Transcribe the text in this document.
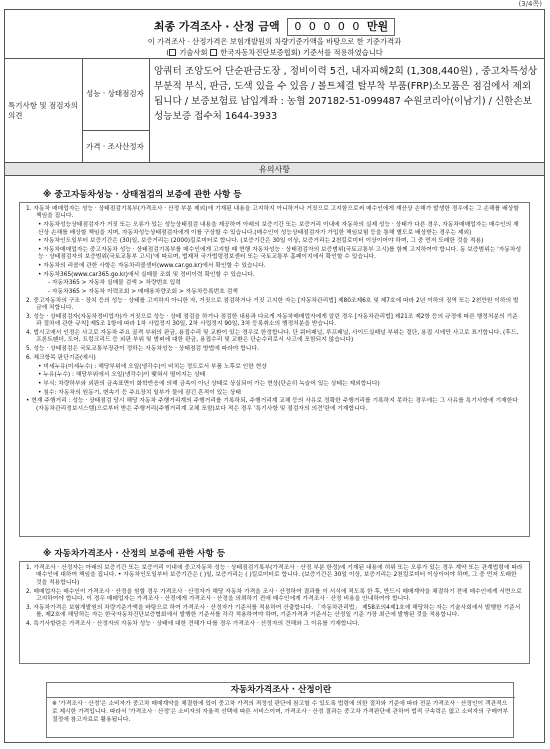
(3/4쪽)
최종 가격조사 · 산정 금액 0 0 0 0 0 만원
이 가격조사 · 산정가격은 보험개발원의 차량기준가액을 바탕으로 한 기준가격과
( 기술사회 한국자동차진단보증협회) 기준서를 적용하였습니다
특기사항 및 점검자의 의견
성능 · 상태점검자
가격 · 조사산정자
앙쿼터 조앙도어 단순판금도장 , 정비이력 5건, 내자피해2회 (1,308,440원) , 중고차특성상 부분적 부식, 판금, 도색 있을 수 있음 / 볼트체결 탈부착 부품(FRP)소모품은 점검에서 제외됩니다 / 보증보험료 납입계좌 : 농협 207182-51-099487 수원코리아(이남기) / 신한손보 성능보증 접수처 1644-3933
유의사항
※ 중고자동차성능 · 상태점검의 보증에 관한 사항 등
1. 자동차 매매업자는 성능 · 상태점검기록부(가격조사 · 산정 부분 제외)에 기재된 내용을 고지하지 아니하거나 거짓으로 고지함으로써 매수인에게 재산상 손해가 발생한 경우에는 그 손해를 배상할 책임을 집니다.
• 자동차성능상태점검자가 거짓 또는 오류가 있는 성능상태점검 내용을 제공하여 아래의 보증기간 또는 보증거리 이내에 자동차의 실제 성능 · 상태가 다른 경우, 자동차매매업자는 매수인의 재산상 손해를 배상할 책임을 지며, 자동차성능상태점검자에게 이를 구상할 수 있습니다.(매수인이 성능상태점검자가 가입한 책임보험 등을 통해 별도로 배상받는 경우는 제외)
• 자동차인도일부터 보증기간은 (30)일, 보증거리는 (2000)킬로미터로 합니다. (보증기간은 30일 이상, 보증거리는 2천킬로미터 이상이어야 하며, 그 중 먼저 도래한 것을 적용)
• 자동차매매업자는 중고자동차 성능 · 상태점검기록부를 매수인에게 고지할 때 현행 자동차성능 · 상태점검자의 보증범위(국토교통부 고시)를 함께 고지하여야 합니다. 동 보증범위는 '자동차성능 · 상태점검자의 보증범위(국토교통부 고시)'에 따르며, 법제처 국가법령정보센터 또는 국토교통부 홈페이지에서 확인할 수 있습니다.
• 자동차의 리콜에 관한 사항은 자동차리콜센터(www.car.go.kr)에서 확인할 수 있습니다.
• 자동차365(www.car365.go.kr)에서 실매물 조회 및 정비이력 확인할 수 있습니다.
- 자동차365 > 자동차 실매물 검색 > 차량번호 입력
- 자동차365 > 자동차 이력조회 > 매매용차량조회 > 자동차등록번호 검색
2. 중고자동차의 구조 · 장치 등의 성능 · 상태를 고지하지 아니한 자, 거짓으로 점검하거나 거짓 고지한 자는 [자동차관리법] 제80조제6호 및 제7호에 따라 2년 이하의 징역 또는 2천만원 이하의 벌금에 처합니다.
3. 성능 · 상태점검자(자동차정비업자)가 거짓으로 성능 · 상태 점검을 하거나 점검한 내용과 다르게 자동차매매업자에게 알린 경우 [자동차관리법] 제21조 제2항 등의 규정에 따른 행정처분의 기준과 절차에 관한 규칙] 제5조 1항에 따라 1차 사업정지 30일, 2차 사업정지 90일, 3차 등록취소의 행정처분을 받습니다.
4. 법시고에서 인정은 사고로 자동차 주요 골격 부위의 판금, 용접수리 및 교환이 있는 경우로 한정합니다. 단 쿼터패널, 루프패널, 사이드실패널 부위는 절단, 용접 시에만 사고로 표기합니다. (후드, 프론트펜더, 도어, 트렁크리드 등 외판 부위 및 범퍼에 대한 판금, 용접수리 및 교환은 단순수리로서 사고에 포함되지 않습니다)
5. 성능 · 상태점검은 국토교통부장관이 정하는 자동차성능 · 상태점검 방법에 따라야 합니다.
6. 체크항목 판단기준(예시)
• 미세누유(미세누수) : 해당부위에 오일(냉각수)이 비치는 정도로서 부품 노후로 인한 현상
• 누유(누수) : 해당부위에서 오일(냉각수)이 맺혀서 떨어지는 상태
• 부식: 차량하부와 외판의 금속표면이 화학반응에 의해 금속이 아닌 상태로 상실되어 가는 현상(단순히 녹슬어 있는 상태는 제외합니다)
• 침수: 자동차의 원동기, 변속기 등 주요장치 일부가 물에 잠긴 흔적이 있는 상태
• 현재 주행거리 : 성능 · 상태점검 당시 해당 자동차 주행거리계의 주행거리를 기록하되, 주행거리계 교체 등의 사유로 정확한 주행거리를 기록하지 못하는 경우에는 그 사유를 특기사항에 기재한다(자동차관리정보시스템)으로부터 받은 주행거리(주행거리계 교체 포함)보다 적은 경우 '특기사항 및 점검자의 의견'란에 기재합니다.
※ 자동차가격조사 · 산정의 보증에 관한 사항 등
1. 가격조사 · 산정자는 아래의 보증기간 또는 보증거리 이내에 중고자동차 성능 · 상태점검기록부(가격조사 · 산정 부분 한정)에 기재된 내용에 허위 또는 오류가 있는 경우 계약 또는 관계법령에 따라 매수인에 대하여 책임을 집니다. • 자동차인도일부터 보증기간은 ( )일, 보증거리는 ( )킬로미터로 합니다. (보증기간은 30일 이상, 보증거리는 2천킬로미터 이상이어야 하며, 그 중 먼저 도래한 것을 적용합니다)
2. 매매업자는 매수인이 가격조사 · 산정을 원할 경우 가격조사 · 산정자가 해당 자동차 가격을 조사 · 산정하여 결과를 이 서식에 적도록 한 후, 반드시 매매계약을 체결하기 전에 매수인에게 서면으로 고지하여야 합니다. 이 경우 매매업자는 가격조사 · 산정에게 가격조사 · 산정을 의뢰하기 전에 매수인에게 가격조사 · 산정 비용을 안내하여야 합니다.
3. 자동차가격은 보험개발원의 차량기준가액을 바탕으로 하여 가격조사 · 산정자가 기준서를 적용하여 산출합니다. 「자동차관리법」 제58조의4제1호에 해당하는 자는 기술사회에서 발행한 기준서를, 제2호에 해당하는 자는 한국자동차진단보증협회에서 발행한 기준서를 각각 적용하여야 하며, 기준가격과 기준서는 산정일 기준 가장 최근에 발행된 것을 적용합니다.
4. 특기사항란은 가격조사 · 산정자의 자동차 성능 · 상태에 대한 견해가 다를 경우 가격조사 · 산정자의 견해와 그 이유를 기재합니다.
자동차가격조사 · 산정이란
※ '가격조사 · 산정'은 소비자가 중고차 매매계약을 체결함에 있어 중고차 가격의 적정성 판단에 참고할 수 있도록 법령에 의한 절차와 기준에 따라 전문 가격조사 · 산정인이 객관적으로 제시한 가격입니다. 따라서 '가격조사 · 산정'은 소비자의 자율적 선택에 따른 서비스이며, 가격조사 · 산정 결과는 중고차 가격판단에 관하여 법적 구속력은 없고 소비자의 구매여부 결정에 참고자료로 활용됩니다.
